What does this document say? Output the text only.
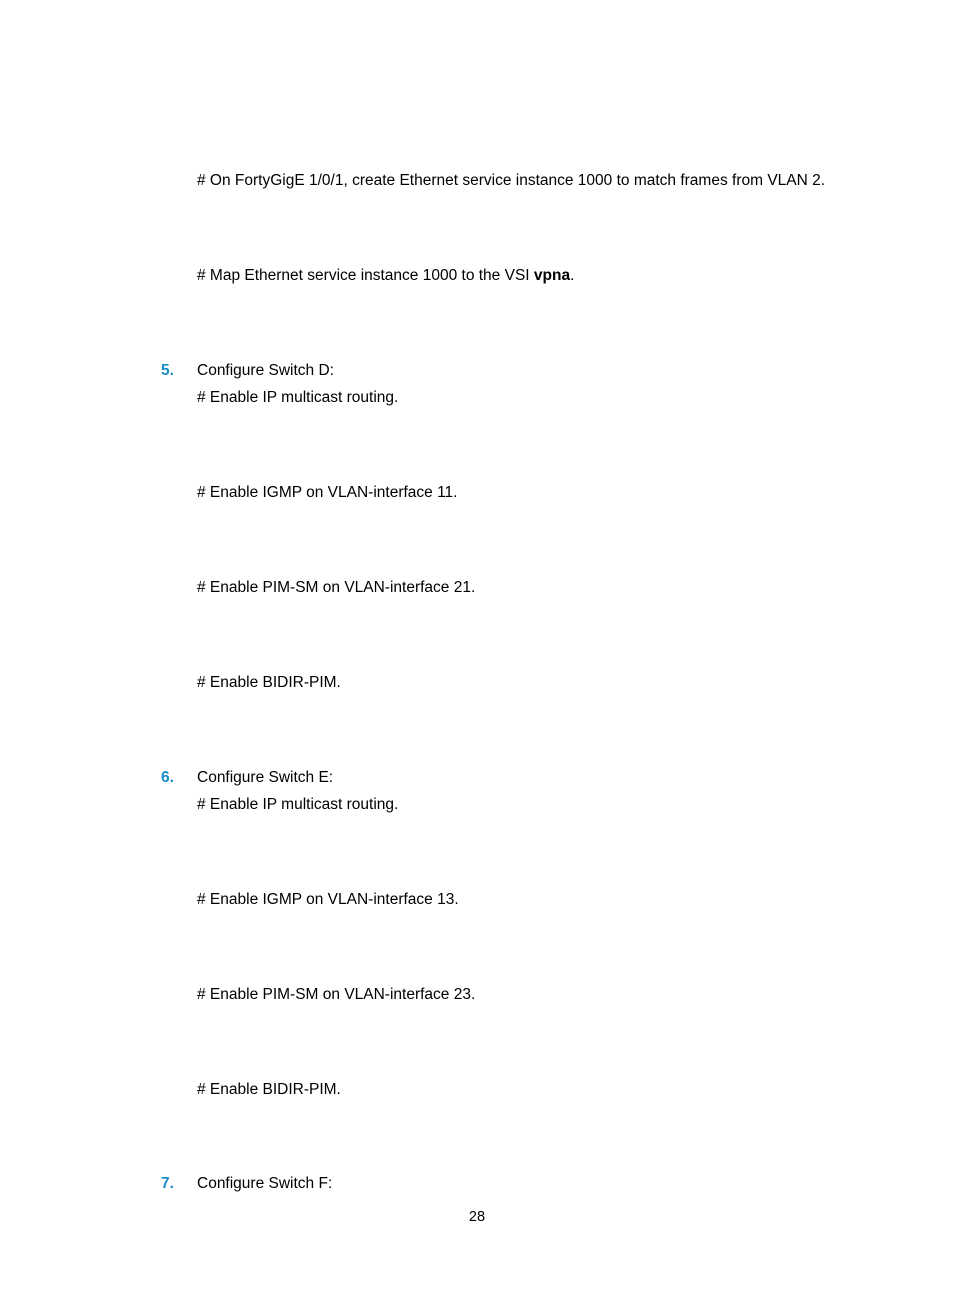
# On FortyGigE 1/0/1, create Ethernet service instance 1000 to match frames from VLAN 2.
# Map Ethernet service instance 1000 to the VSI vpna.
5.	Configure Switch D:
# Enable IP multicast routing.
# Enable IGMP on VLAN-interface 11.
# Enable PIM-SM on VLAN-interface 21.
# Enable BIDIR-PIM.
6.	Configure Switch E:
# Enable IP multicast routing.
# Enable IGMP on VLAN-interface 13.
# Enable PIM-SM on VLAN-interface 23.
# Enable BIDIR-PIM.
7.	Configure Switch F:
28
